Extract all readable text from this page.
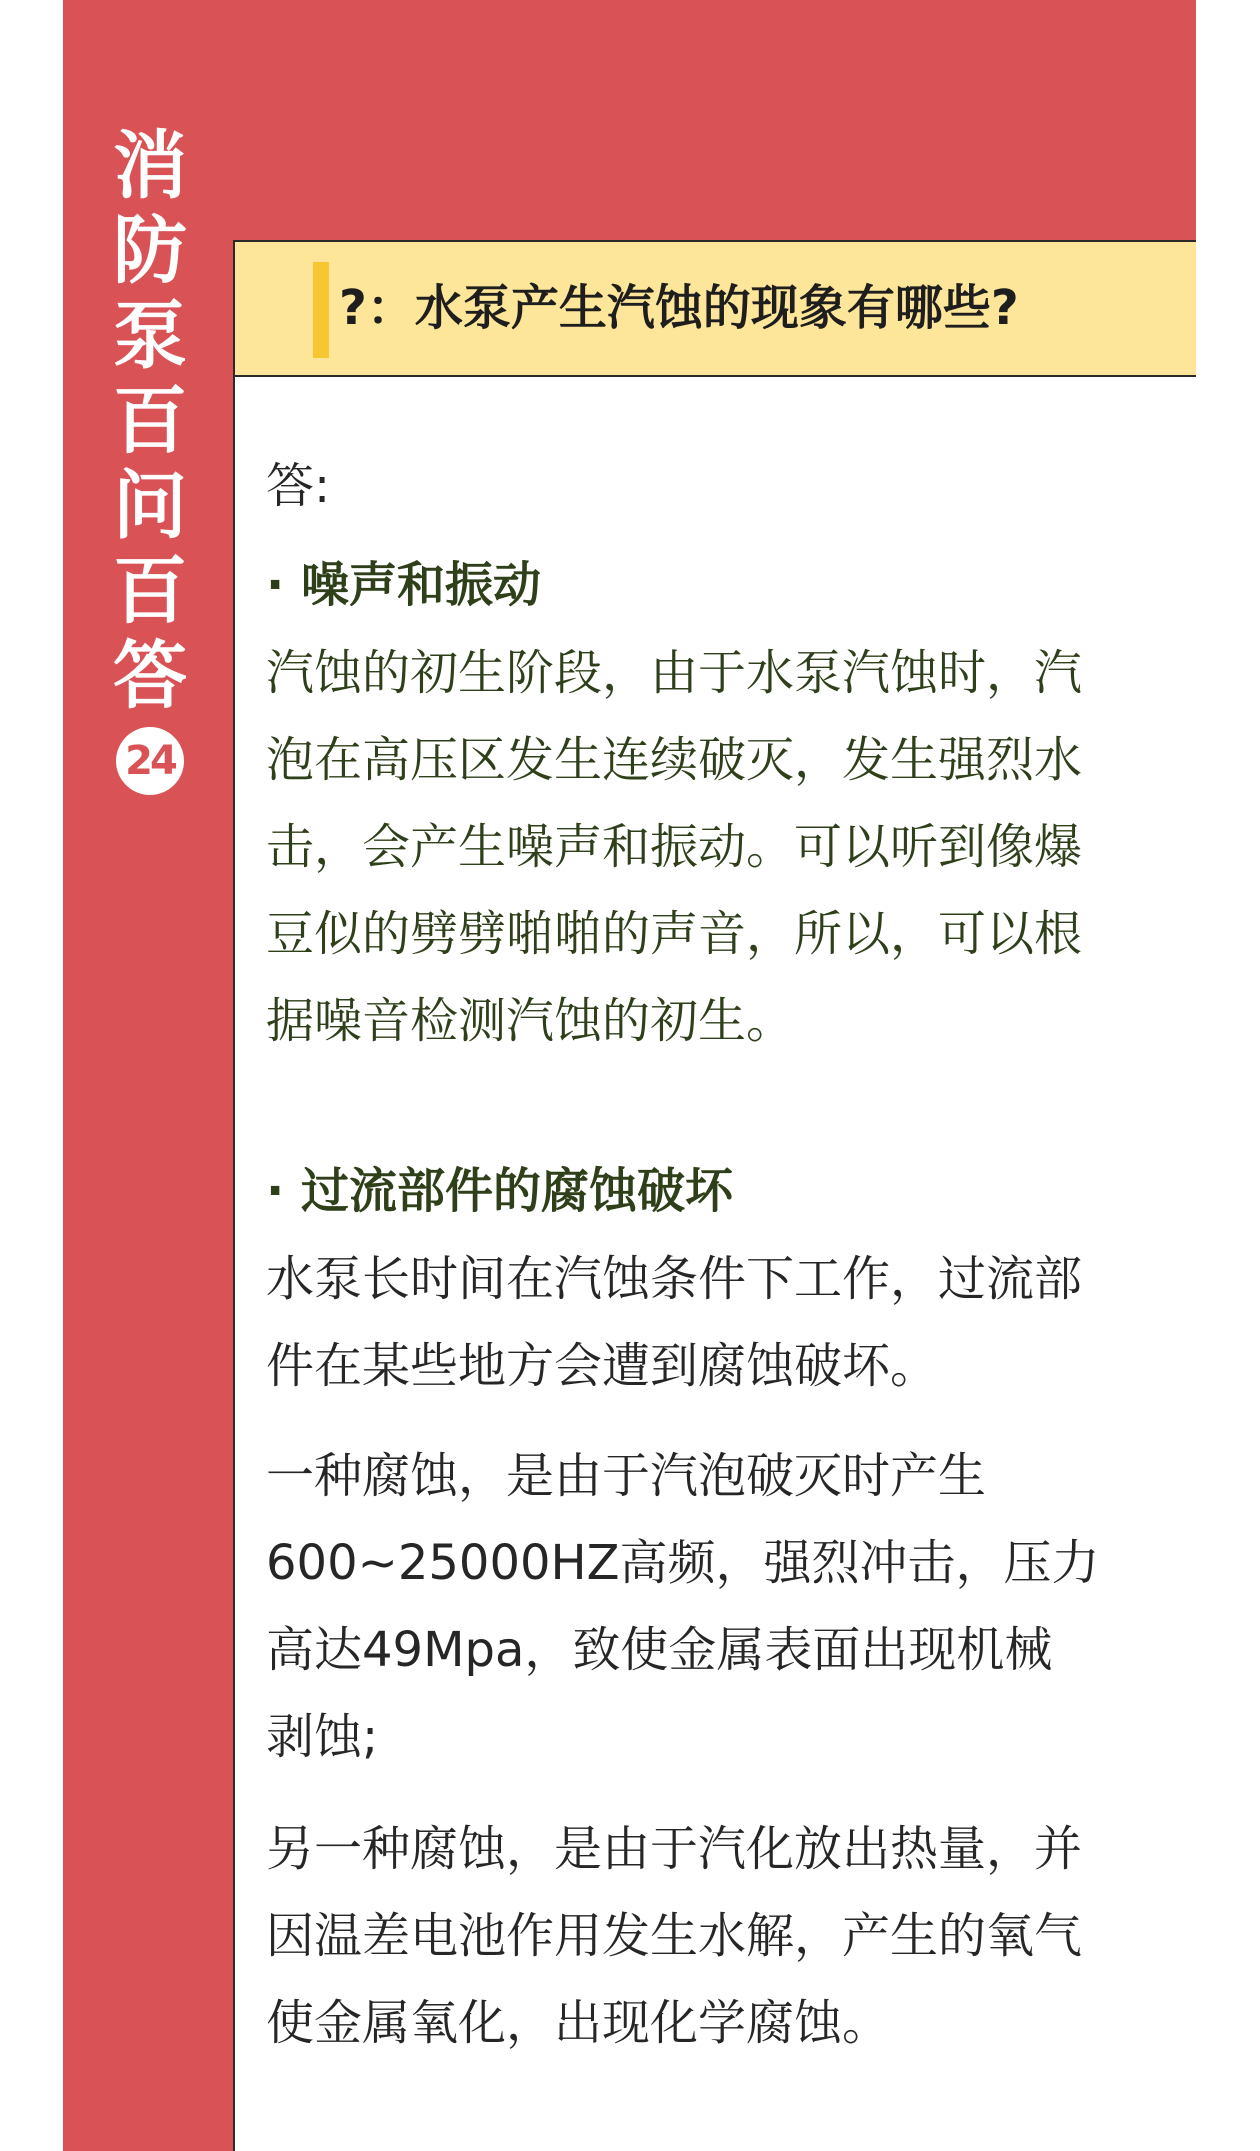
消
防
泵
百
问
百
答
24
?：水泵产生汽蚀的现象有哪些?
答:
· 噪声和振动
汽蚀的初生阶段，由于水泵汽蚀时，汽
泡在高压区发生连续破灭，发生强烈水
击，会产生噪声和振动。可以听到像爆
豆似的劈劈啪啪的声音，所以，可以根
据噪音检测汽蚀的初生。
· 过流部件的腐蚀破坏
水泵长时间在汽蚀条件下工作，过流部
件在某些地方会遭到腐蚀破坏。
一种腐蚀，是由于汽泡破灭时产生
600~25000HZ高频，强烈冲击，压力
高达49Mpa，致使金属表面出现机械
剥蚀;
另一种腐蚀，是由于汽化放出热量，并
因温差电池作用发生水解，产生的氧气
使金属氧化，出现化学腐蚀。
